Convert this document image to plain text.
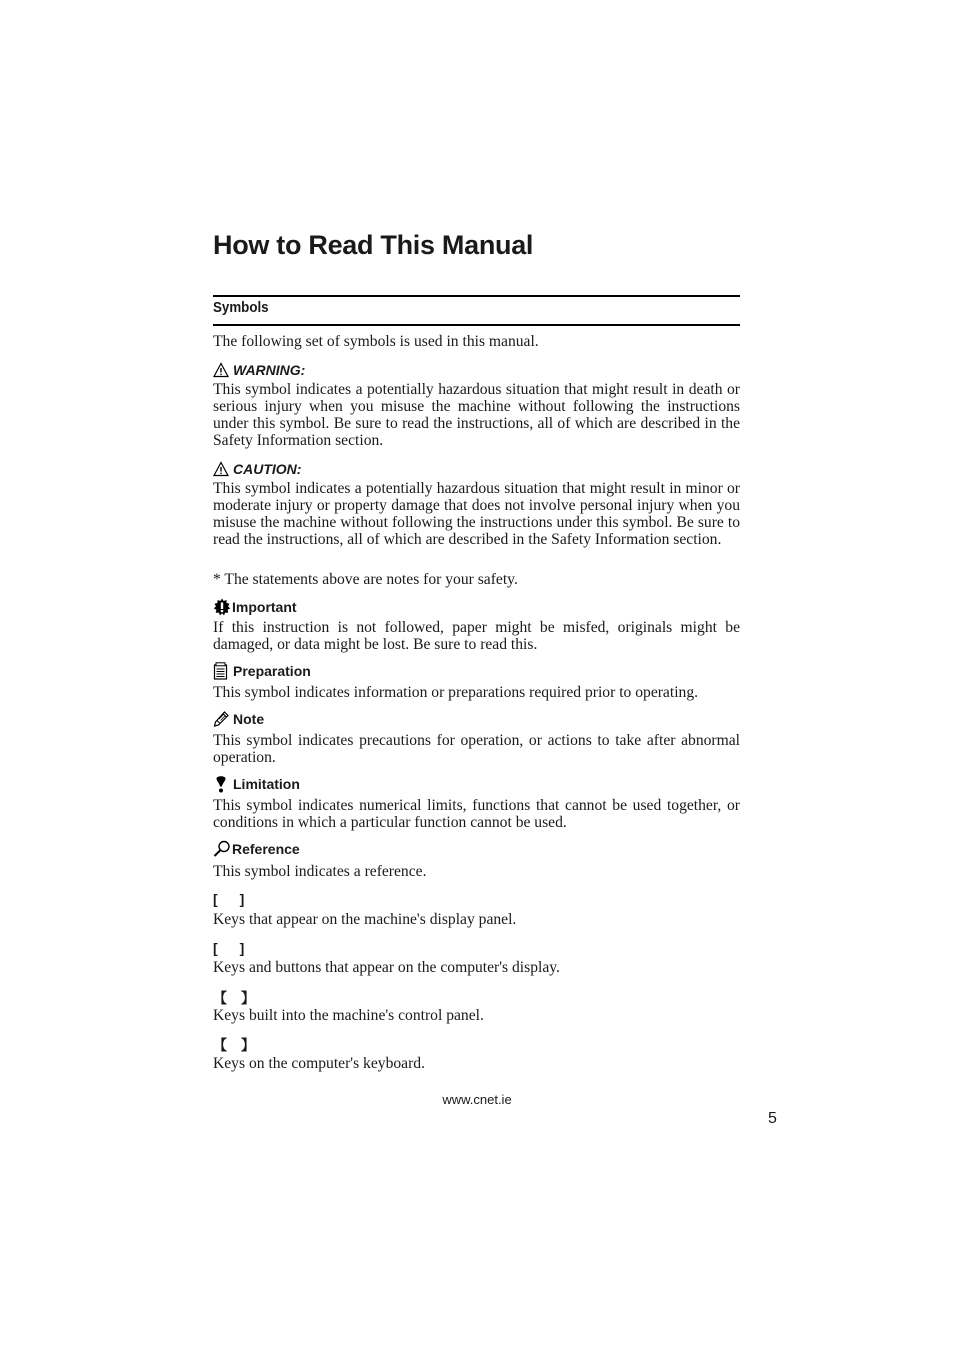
How to Read This Manual
Symbols

The following set of symbols is used in this manual.

WARNING:

This symbol indicates a potentially hazardous situation that might result in death or serious injury when you misuse the machine without following the instructions under this symbol. Be sure to read the instructions, all of which are described in the Safety Information section.

CAUTION:

This symbol indicates a potentially hazardous situation that might result in minor or moderate injury or property damage that does not involve personal injury when you misuse the machine without following the instructions under this symbol. Be sure to read the instructions, all of which are described in the Safety Information section.

* The statements above are notes for your safety.

Important

If this instruction is not followed, paper might be misfed, originals might be damaged, or data might be lost. Be sure to read this.

Preparation

This symbol indicates information or preparations required prior to operating.

Note

This symbol indicates precautions for operation, or actions to take after abnormal operation.

Limitation

This symbol indicates numerical limits, functions that cannot be used together, or conditions in which a particular function cannot be used.

Reference

This symbol indicates a reference.

[ ]

Keys that appear on the machine's display panel.

[ ]

Keys and buttons that appear on the computer's display.

【 】

Keys built into the machine's control panel.

【 】

Keys on the computer's keyboard.

www.cnet.ie
5
